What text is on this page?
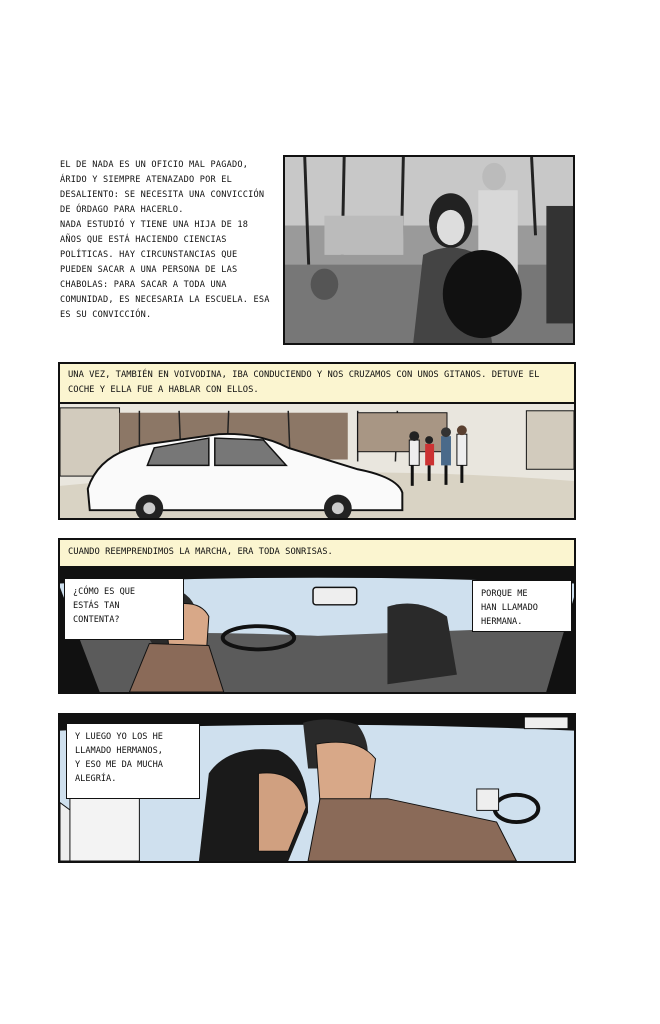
EL DE NADA ES UN OFICIO MAL PAGADO, ÁRIDO Y SIEMPRE ATENAZADO POR EL DESALIENTO: SE NECESITA UNA CONVICCIÓN DE ÓRDAGO PARA HACERLO.
NADA ESTUDIÓ Y TIENE UNA HIJA DE 18 AÑOS QUE ESTÁ HACIENDO CIENCIAS POLÍTICAS. HAY CIRCUNSTANCIAS QUE PUEDEN SACAR A UNA PERSONA DE LAS CHABOLAS: PARA SACAR A TODA UNA COMUNIDAD, ES NECESARIA LA ESCUELA. ESA ES SU CONVICCIÓN.
UNA VEZ, TAMBIÉN EN VOIVODINA, IBA CONDUCIENDO Y NOS CRUZAMOS CON UNOS GITANOS. DETUVE EL COCHE Y ELLA FUE A HABLAR CON ELLOS.
CUANDO REEMPRENDIMOS LA MARCHA, ERA TODA SONRISAS.
¿CÓMO ES QUE
ESTÁS TAN
CONTENTA?
PORQUE ME
HAN LLAMADO
HERMANA.
Y LUEGO YO LOS HE
LLAMADO HERMANOS,
Y ESO ME DA MUCHA
ALEGRÍA.
